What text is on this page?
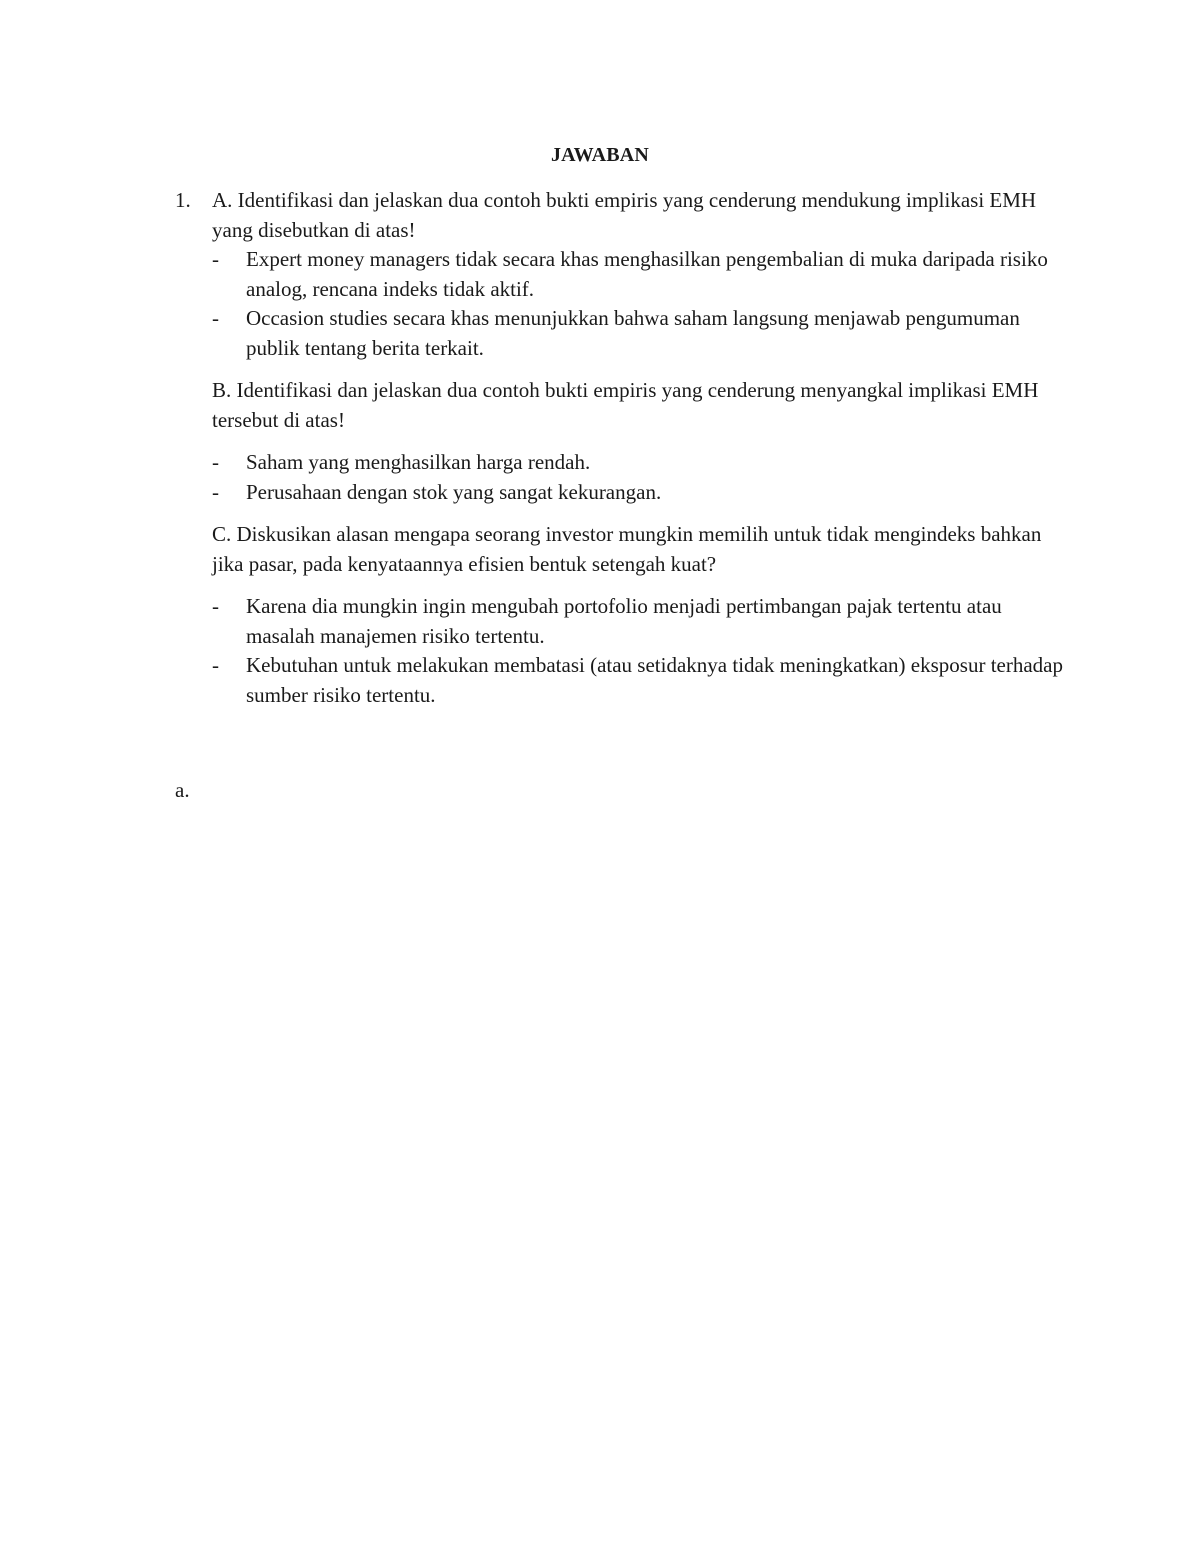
JAWABAN
1.	A. Identifikasi dan jelaskan dua contoh bukti empiris yang cenderung mendukung implikasi EMH yang disebutkan di atas!

-	Expert money managers tidak secara khas menghasilkan pengembalian di muka daripada risiko analog, rencana indeks tidak aktif.
-	Occasion studies secara khas menunjukkan bahwa saham langsung menjawab pengumuman publik tentang berita terkait.

B. Identifikasi dan jelaskan dua contoh bukti empiris yang cenderung menyangkal implikasi EMH tersebut di atas!

-	Saham yang menghasilkan harga rendah.
-	Perusahaan dengan stok yang sangat kekurangan.

C. Diskusikan alasan mengapa seorang investor mungkin memilih untuk tidak mengindeks bahkan jika pasar, pada kenyataannya efisien bentuk setengah kuat?

-	Karena dia mungkin ingin mengubah portofolio menjadi pertimbangan pajak tertentu atau masalah manajemen risiko tertentu.
-	Kebutuhan untuk melakukan membatasi (atau setidaknya tidak meningkatkan) eksposur terhadap sumber risiko tertentu.
a.
